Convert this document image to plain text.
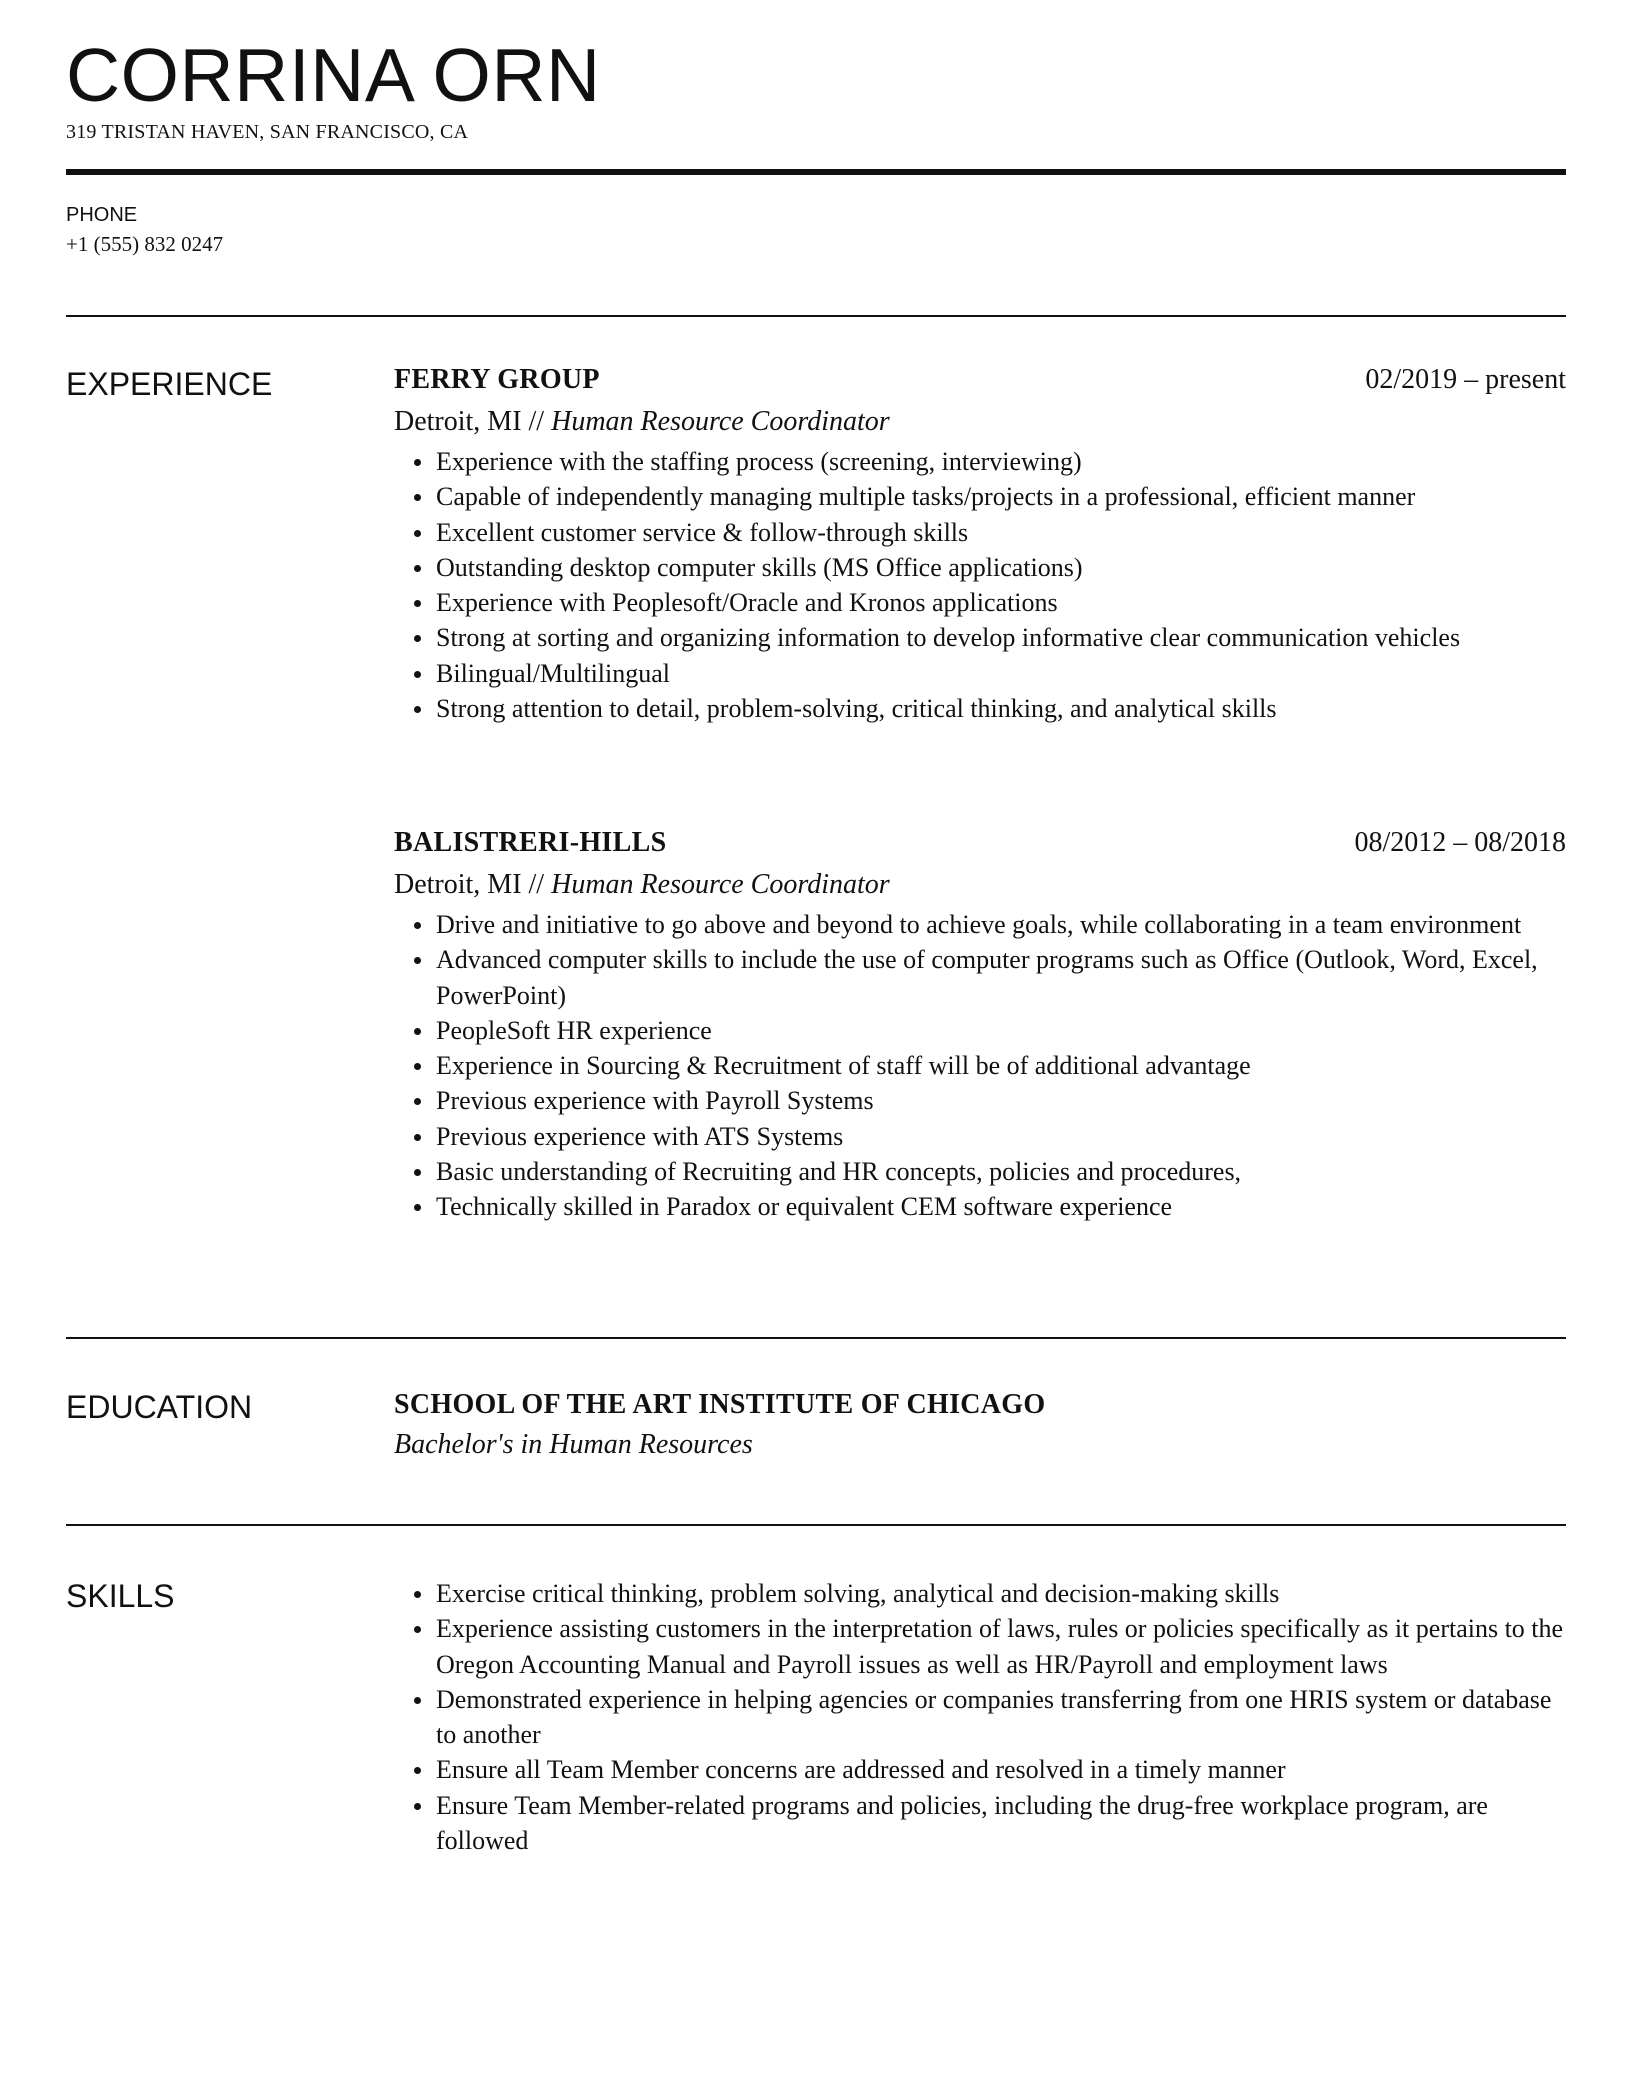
CORRINA ORN
319 TRISTAN HAVEN, SAN FRANCISCO, CA
PHONE
+1 (555) 832 0247
EXPERIENCE	FERRY GROUP	02/2019 – present
Detroit, MI // Human Resource Coordinator
Experience with the staffing process (screening, interviewing)
Capable of independently managing multiple tasks/projects in a professional, efficient manner
Excellent customer service & follow-through skills
Outstanding desktop computer skills (MS Office applications)
Experience with Peoplesoft/Oracle and Kronos applications
Strong at sorting and organizing information to develop informative clear communication vehicles
Bilingual/Multilingual
Strong attention to detail, problem-solving, critical thinking, and analytical skills
BALISTRERI-HILLS	08/2012 – 08/2018
Detroit, MI // Human Resource Coordinator
Drive and initiative to go above and beyond to achieve goals, while collaborating in a team environment
Advanced computer skills to include the use of computer programs such as Office (Outlook, Word, Excel, PowerPoint)
PeopleSoft HR experience
Experience in Sourcing & Recruitment of staff will be of additional advantage
Previous experience with Payroll Systems
Previous experience with ATS Systems
Basic understanding of Recruiting and HR concepts, policies and procedures,
Technically skilled in Paradox or equivalent CEM software experience
EDUCATION	SCHOOL OF THE ART INSTITUTE OF CHICAGO
Bachelor's in Human Resources
SKILLS	Exercise critical thinking, problem solving, analytical and decision-making skills
Experience assisting customers in the interpretation of laws, rules or policies specifically as it pertains to the Oregon Accounting Manual and Payroll issues as well as HR/Payroll and employment laws
Demonstrated experience in helping agencies or companies transferring from one HRIS system or database to another
Ensure all Team Member concerns are addressed and resolved in a timely manner
Ensure Team Member-related programs and policies, including the drug-free workplace program, are followed
